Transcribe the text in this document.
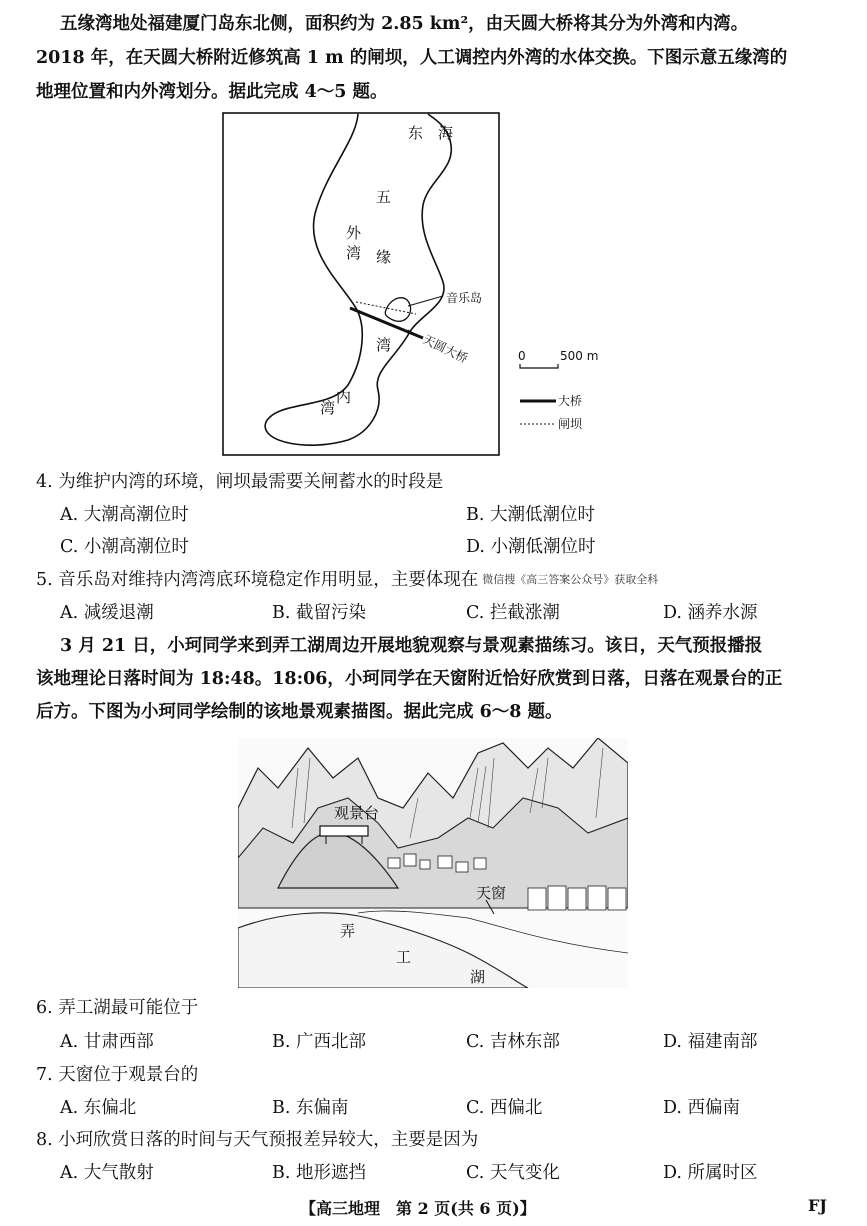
五缘湾地处福建厦门岛东北侧，面积约为 2.85 km²，由天圆大桥将其分为外湾和内湾。
2018 年，在天圆大桥附近修筑高 1 m 的闸坝，人工调控内外湾的水体交换。下图示意五缘湾的
地理位置和内外湾划分。据此完成 4～5 题。
东　海
五
缘
湾
外
湾
内
湾
音乐岛
天圆大桥	0	500 m
大桥
闸坝
4. 为维护内湾的环境，闸坝最需要关闸蓄水的时段是
A. 大潮高潮位时	B. 大潮低潮位时
C. 小潮高潮位时	D. 小潮低潮位时
5. 音乐岛对维持内湾湾底环境稳定作用明显，主要体现在 微信搜《高三答案公众号》获取全科
A. 减缓退潮	B. 截留污染	C. 拦截涨潮	D. 涵养水源
3 月 21 日，小珂同学来到弄工湖周边开展地貌观察与景观素描练习。该日，天气预报播报
该地理论日落时间为 18:48。18:06，小珂同学在天窗附近恰好欣赏到日落，日落在观景台的正
后方。下图为小珂同学绘制的该地景观素描图。据此完成 6～8 题。
观景台
天窗
弄
工
湖
6. 弄工湖最可能位于
A. 甘肃西部	B. 广西北部	C. 吉林东部	D. 福建南部
7. 天窗位于观景台的
A. 东偏北	B. 东偏南	C. 西偏北	D. 西偏南
8. 小珂欣赏日落的时间与天气预报差异较大，主要是因为
A. 大气散射	B. 地形遮挡	C. 天气变化	D. 所属时区
【高三地理　第 2 页(共 6 页)】	FJ
